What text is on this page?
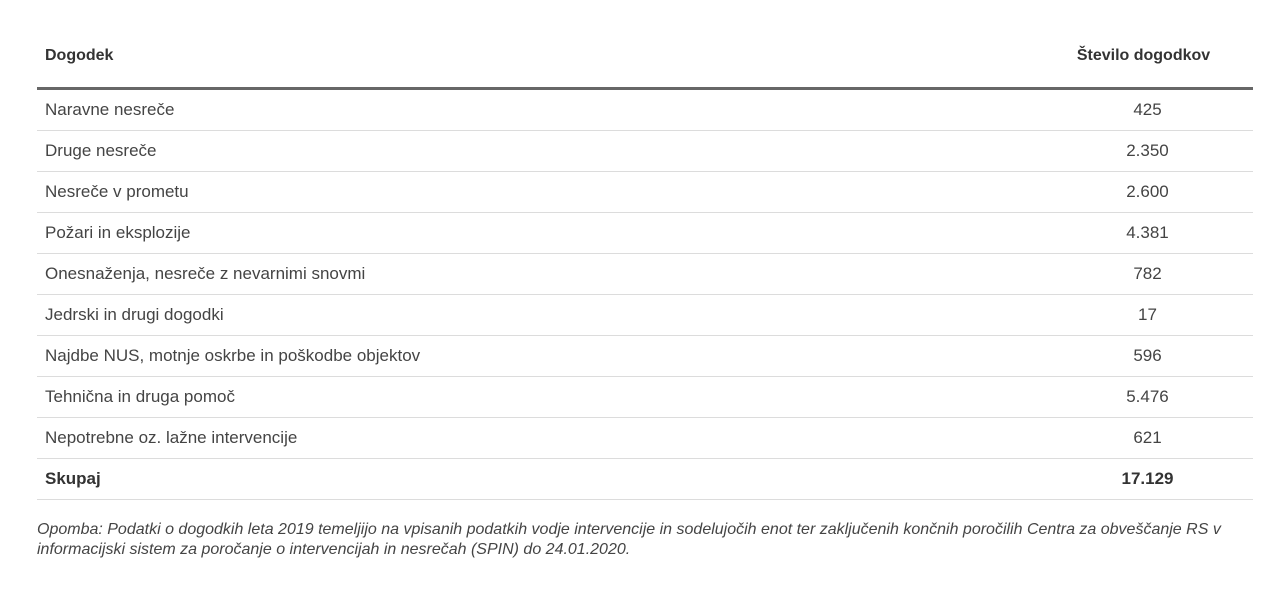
Dogodek	Število dogodkov
Naravne nesreče	425
Druge nesreče	2.350
Nesreče v prometu	2.600
Požari in eksplozije	4.381
Onesnaženja, nesreče z nevarnimi snovmi	782
Jedrski in drugi dogodki	17
Najdbe NUS, motnje oskrbe in poškodbe objektov	596
Tehnična in druga pomoč	5.476
Nepotrebne oz. lažne intervencije	621
Skupaj	17.129

Opomba: Podatki o dogodkih leta 2019 temeljijo na vpisanih podatkih vodje intervencije in sodelujočih enot ter zaključenih končnih poročilih Centra za obveščanje RS v informacijski sistem za poročanje o intervencijah in nesrečah (SPIN) do 24.01.2020.
